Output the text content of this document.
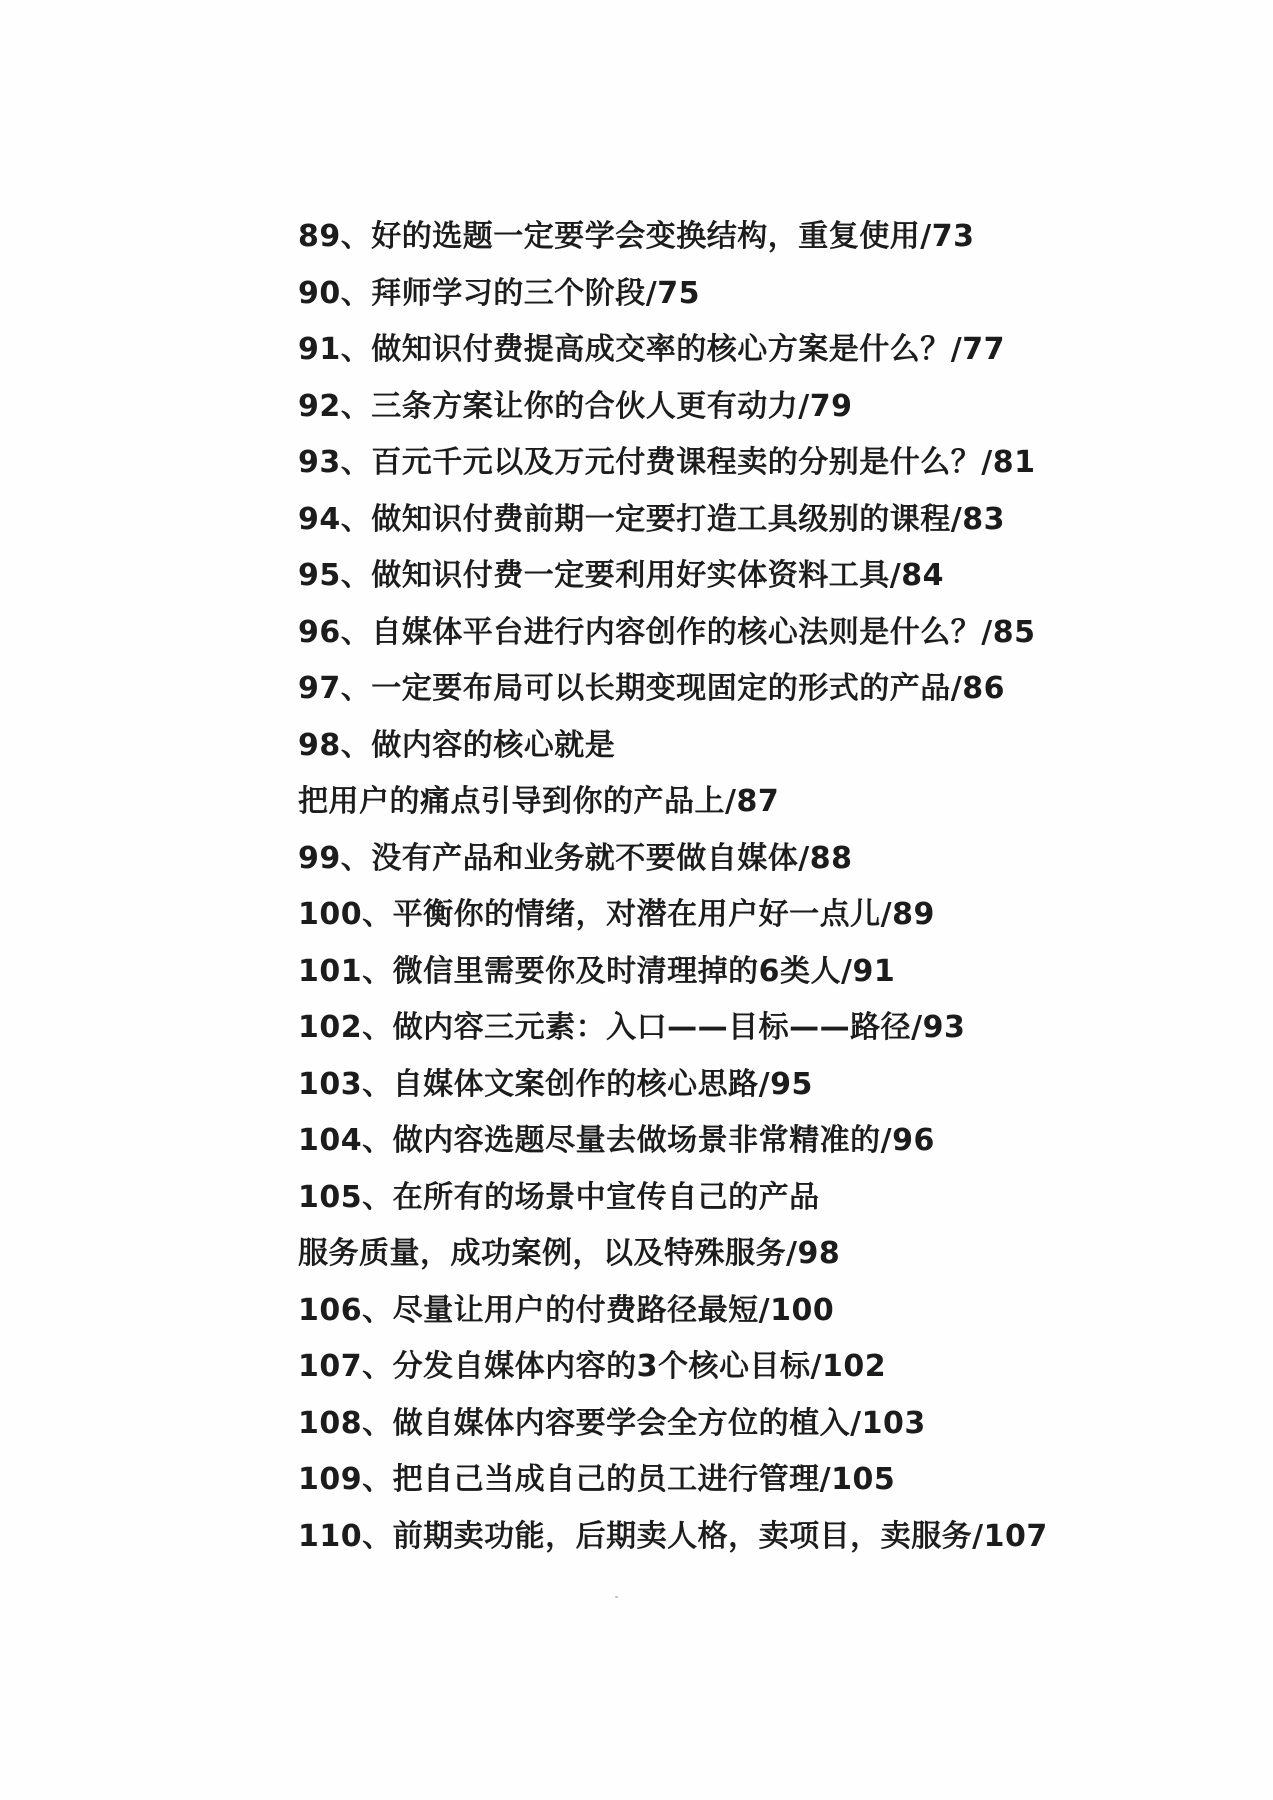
89、好的选题一定要学会变换结构，重复使用/73
90、拜师学习的三个阶段/75
91、做知识付费提高成交率的核心方案是什么？/77
92、三条方案让你的合伙人更有动力/79
93、百元千元以及万元付费课程卖的分别是什么？/81
94、做知识付费前期一定要打造工具级别的课程/83
95、做知识付费一定要利用好实体资料工具/84
96、自媒体平台进行内容创作的核心法则是什么？/85
97、一定要布局可以长期变现固定的形式的产品/86
98、做内容的核心就是
把用户的痛点引导到你的产品上/87
99、没有产品和业务就不要做自媒体/88
100、平衡你的情绪，对潜在用户好一点儿/89
101、微信里需要你及时清理掉的6类人/91
102、做内容三元素：入口——目标——路径/93
103、自媒体文案创作的核心思路/95
104、做内容选题尽量去做场景非常精准的/96
105、在所有的场景中宣传自己的产品
服务质量，成功案例，以及特殊服务/98
106、尽量让用户的付费路径最短/100
107、分发自媒体内容的3个核心目标/102
108、做自媒体内容要学会全方位的植入/103
109、把自己当成自己的员工进行管理/105
110、前期卖功能，后期卖人格，卖项目，卖服务/107
